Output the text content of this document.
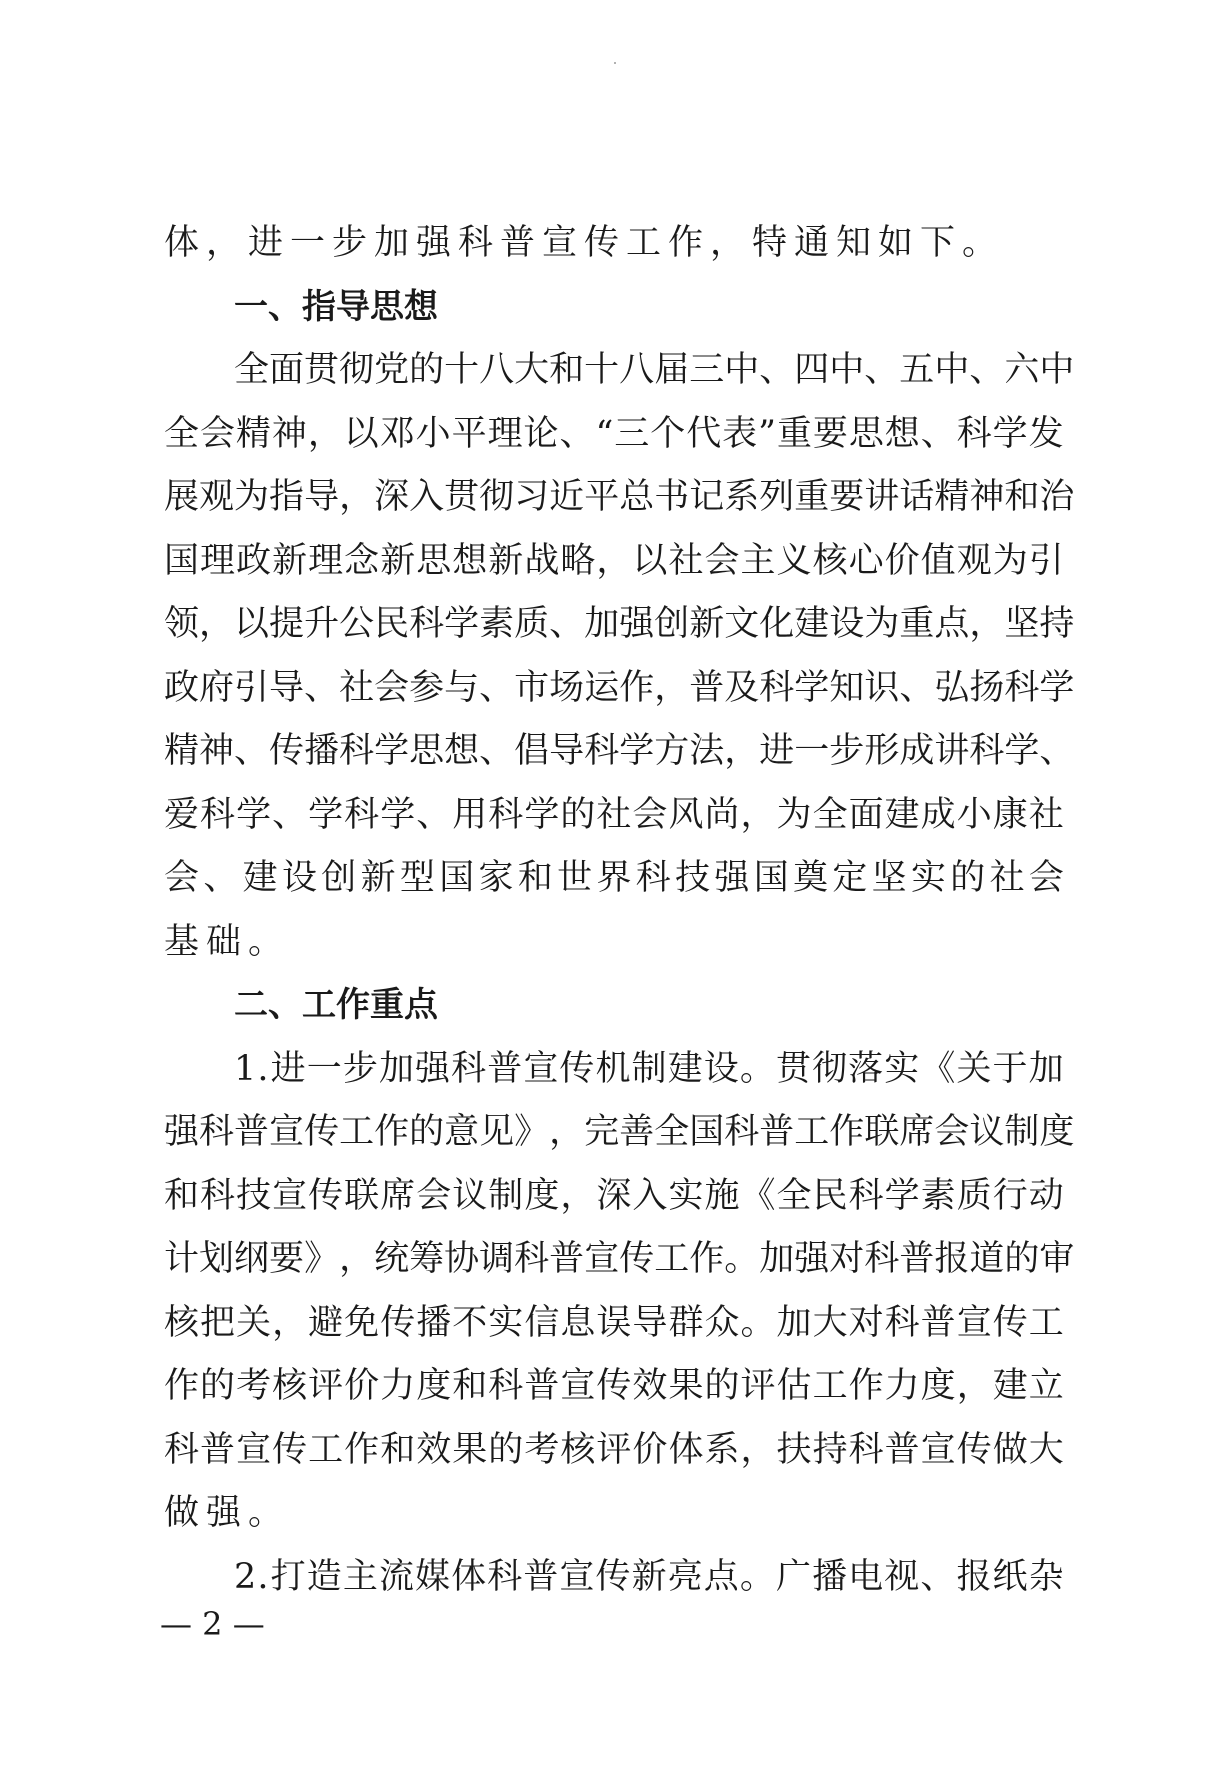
体，进一步加强科普宣传工作，特通知如下。
一、指导思想
全 面 贯 彻 党 的 十 八 大 和 十 八 届 三 中 、 四 中 、 五 中 、 六 中
全 会 精 神 ， 以 邓 小 平 理 论 、 “ 三 个 代 表 ” 重 要 思 想 、 科 学 发
展 观 为 指 导 ， 深 入 贯 彻 习 近 平 总 书 记 系 列 重 要 讲 话 精 神 和 治
国 理 政 新 理 念 新 思 想 新 战 略 ， 以 社 会 主 义 核 心 价 值 观 为 引
领 ， 以 提 升 公 民 科 学 素 质 、 加 强 创 新 文 化 建 设 为 重 点 ， 坚 持
政 府 引 导 、 社 会 参 与 、 市 场 运 作 ， 普 及 科 学 知 识 、 弘 扬 科 学
精 神 、 传 播 科 学 思 想 、 倡 导 科 学 方 法 ， 进 一 步 形 成 讲 科 学 、
爱 科 学 、 学 科 学 、 用 科 学 的 社 会 风 尚 ， 为 全 面 建 成 小 康 社
会 、 建 设 创 新 型 国 家 和 世 界 科 技 强 国 奠 定 坚 实 的 社 会
基础。
二、工作重点
1 . 进 一 步 加 强 科 普 宣 传 机 制 建 设 。 贯 彻 落 实 《 关 于 加
强 科 普 宣 传 工 作 的 意 见 》 ， 完 善 全 国 科 普 工 作 联 席 会 议 制 度
和 科 技 宣 传 联 席 会 议 制 度 ， 深 入 实 施 《 全 民 科 学 素 质 行 动
计 划 纲 要 》 ， 统 筹 协 调 科 普 宣 传 工 作 。 加 强 对 科 普 报 道 的 审
核 把 关 ， 避 免 传 播 不 实 信 息 误 导 群 众 。 加 大 对 科 普 宣 传 工
作 的 考 核 评 价 力 度 和 科 普 宣 传 效 果 的 评 估 工 作 力 度 ， 建 立
科 普 宣 传 工 作 和 效 果 的 考 核 评 价 体 系 ， 扶 持 科 普 宣 传 做 大
做强。
2 . 打 造 主 流 媒 体 科 普 宣 传 新 亮 点 。 广 播 电 视 、 报 纸 杂
— 2 —
